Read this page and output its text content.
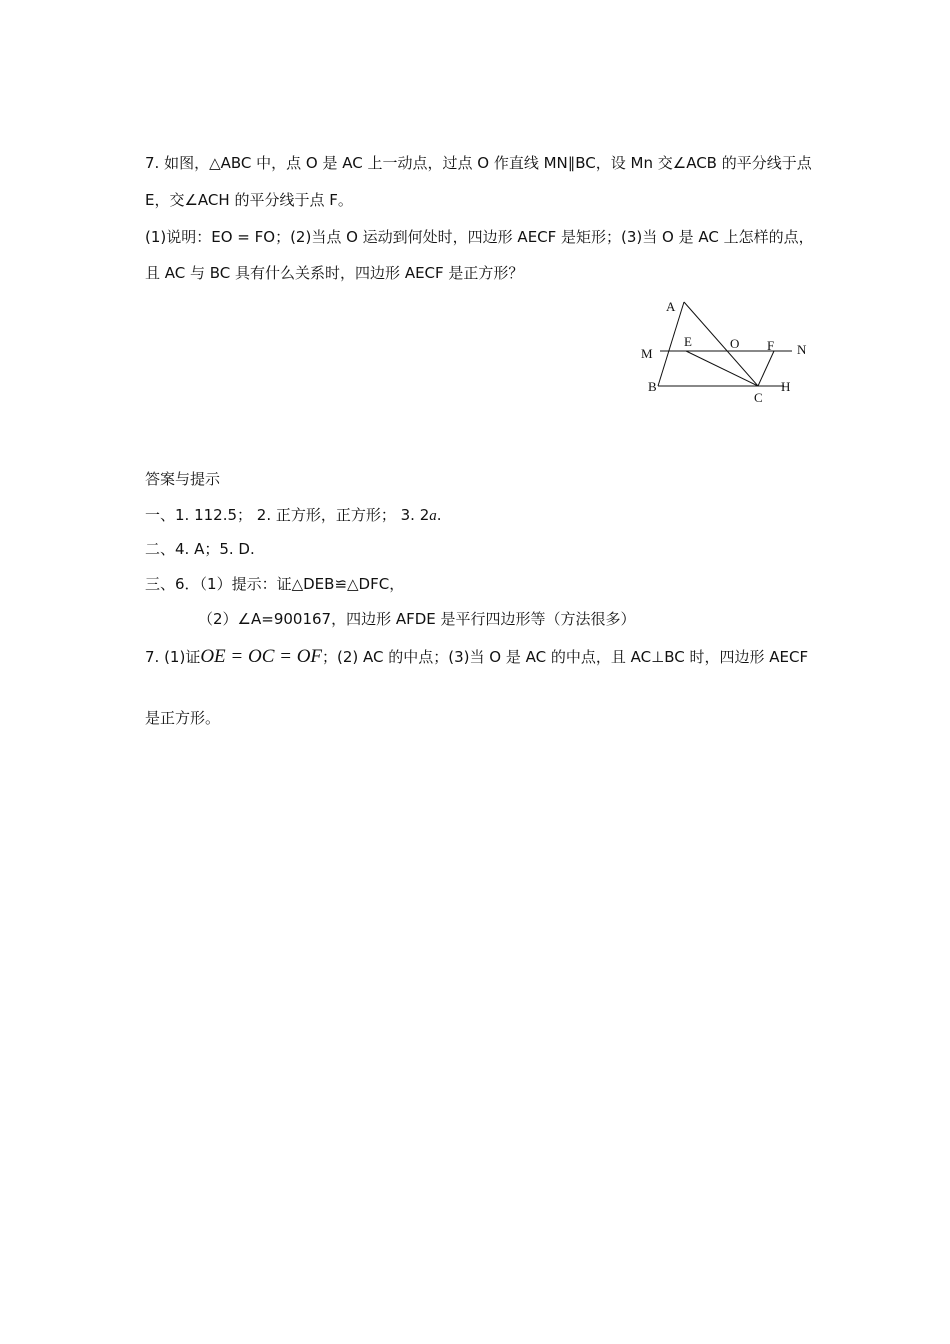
7. 如图，△ABC 中，点 O 是 AC 上一动点，过点 O 作直线 MN∥BC，设 Mn 交∠ACB 的平分线于点
E，交∠ACH 的平分线于点 F。
(1)说明：EO = FO；(2)当点 O 运动到何处时，四边形 AECF 是矩形；(3)当 O 是 AC 上怎样的点，
且 AC 与 BC 具有什么关系时，四边形 AECF 是正方形？
A
E	O F
M	N
B
C
H
答案与提示
一、1. 112.5； 2. 正方形，正方形； 3. 2a.
二、4. A；5. D.
三、6．（1）提示：证△DEB≌△DFC，
（2）∠A=900167，四边形 AFDE 是平行四边形等（方法很多）
7. (1)证OE = OC = OF；(2) AC 的中点；(3)当 O 是 AC 的中点，且 AC⊥BC 时，四边形 AECF
是正方形。
